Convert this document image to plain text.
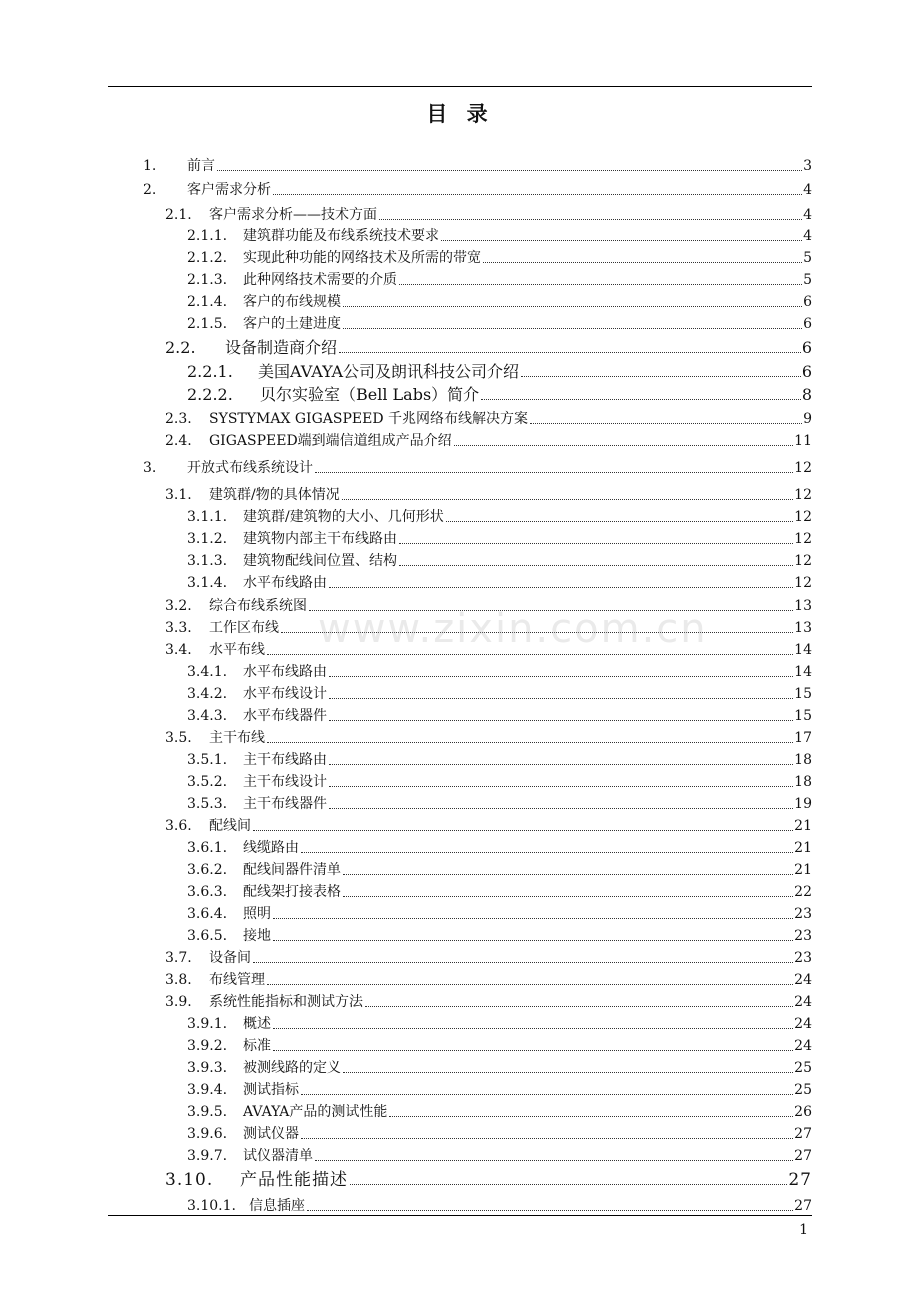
目 录
1. 前言	3
2. 客户需求分析	4
2.1. 客户需求分析——技术方面	4
2.1.1. 建筑群功能及布线系统技术要求	4
2.1.2. 实现此种功能的网络技术及所需的带宽	5
2.1.3. 此种网络技术需要的介质	5
2.1.4. 客户的布线规模	6
2.1.5. 客户的土建进度	6
2.2. 设备制造商介绍	6
2.2.1. 美国AVAYA公司及朗讯科技公司介绍	6
2.2.2. 贝尔实验室（Bell Labs）简介	8
2.3. SYSTYMAX GIGASPEED 千兆网络布线解决方案	9
2.4. GIGASPEED端到端信道组成产品介绍	11
3. 开放式布线系统设计	12
3.1. 建筑群/物的具体情况	12
3.1.1. 建筑群/建筑物的大小、几何形状	12
3.1.2. 建筑物内部主干布线路由	12
3.1.3. 建筑物配线间位置、结构	12
3.1.4. 水平布线路由	12
3.2. 综合布线系统图	13
3.3. 工作区布线	13
3.4. 水平布线	14
3.4.1. 水平布线路由	14
3.4.2. 水平布线设计	15
3.4.3. 水平布线器件	15
3.5. 主干布线	17
3.5.1. 主干布线路由	18
3.5.2. 主干布线设计	18
3.5.3. 主干布线器件	19
3.6. 配线间	21
3.6.1. 线缆路由	21
3.6.2. 配线间器件清单	21
3.6.3. 配线架打接表格	22
3.6.4. 照明	23
3.6.5. 接地	23
3.7. 设备间	23
3.8. 布线管理	24
3.9. 系统性能指标和测试方法	24
3.9.1. 概述	24
3.9.2. 标准	24
3.9.3. 被测线路的定义	25
3.9.4. 测试指标	25
3.9.5. AVAYA产品的测试性能	26
3.9.6. 测试仪器	27
3.9.7. 试仪器清单	27
3.10. 产品性能描述	27
3.10.1. 信息插座	27
www.zixin.com.cn
1
